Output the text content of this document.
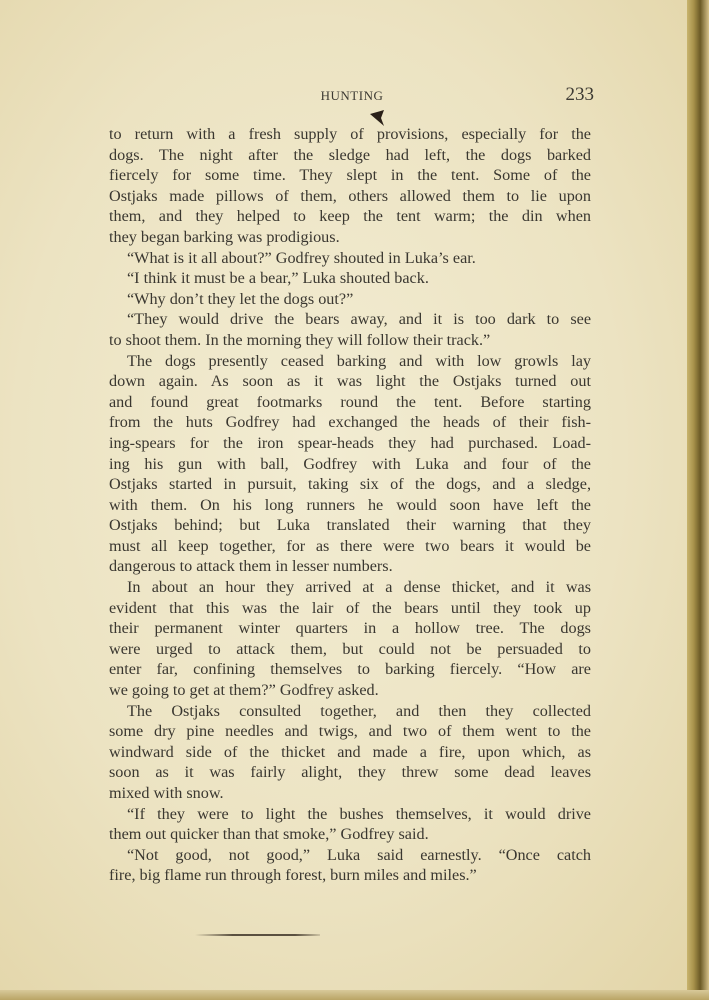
HUNTING	233

to return with a fresh supply of provisions, especially for the

dogs. The night after the sledge had left, the dogs barked

fiercely for some time. They slept in the tent. Some of the

Ostjaks made pillows of them, others allowed them to lie upon

them, and they helped to keep the tent warm; the din when

they began barking was prodigious.

“What is it all about?” Godfrey shouted in Luka’s ear.

“I think it must be a bear,” Luka shouted back.

“Why don’t they let the dogs out?”

“They would drive the bears away, and it is too dark to see

to shoot them. In the morning they will follow their track.”

The dogs presently ceased barking and with low growls lay

down again. As soon as it was light the Ostjaks turned out

and found great footmarks round the tent. Before starting

from the huts Godfrey had exchanged the heads of their fish-

ing-spears for the iron spear-heads they had purchased. Load-

ing his gun with ball, Godfrey with Luka and four of the

Ostjaks started in pursuit, taking six of the dogs, and a sledge,

with them. On his long runners he would soon have left the

Ostjaks behind; but Luka translated their warning that they

must all keep together, for as there were two bears it would be

dangerous to attack them in lesser numbers.

In about an hour they arrived at a dense thicket, and it was

evident that this was the lair of the bears until they took up

their permanent winter quarters in a hollow tree. The dogs

were urged to attack them, but could not be persuaded to

enter far, confining themselves to barking fiercely. “How are

we going to get at them?” Godfrey asked.

The Ostjaks consulted together, and then they collected

some dry pine needles and twigs, and two of them went to the

windward side of the thicket and made a fire, upon which, as

soon as it was fairly alight, they threw some dead leaves

mixed with snow.

“If they were to light the bushes themselves, it would drive

them out quicker than that smoke,” Godfrey said.

“Not good, not good,” Luka said earnestly. “Once catch

fire, big flame run through forest, burn miles and miles.”
